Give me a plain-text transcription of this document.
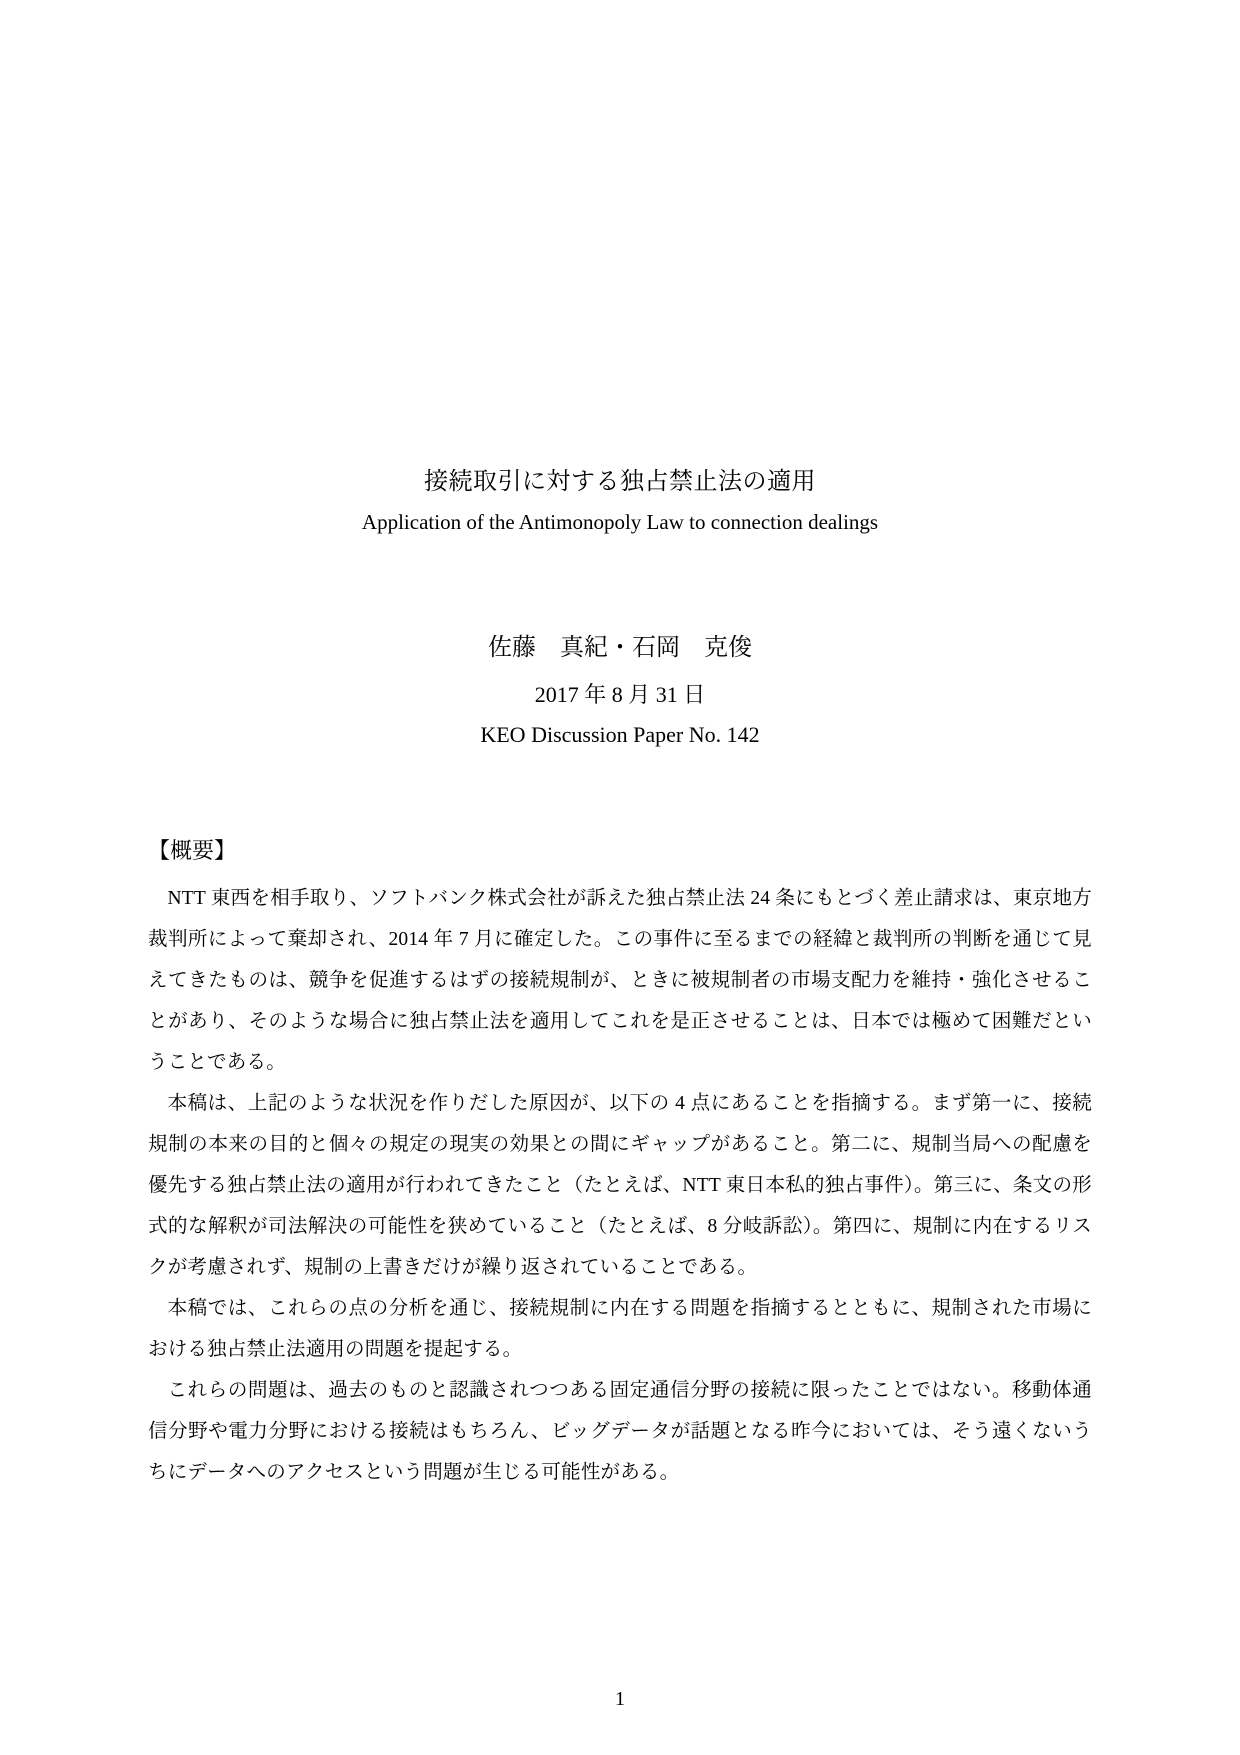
接続取引に対する独占禁止法の適用
Application of the Antimonopoly Law to connection dealings
佐藤　真紀・石岡　克俊
2017 年 8 月 31 日
KEO Discussion Paper No. 142
【概要】

NTT 東西を相手取り、ソフトバンク株式会社が訴えた独占禁止法 24 条にもとづく差止請求は、東京地方裁判所によって棄却され、2014 年 7 月に確定した。この事件に至るまでの経緯と裁判所の判断を通じて見えてきたものは、競争を促進するはずの接続規制が、ときに被規制者の市場支配力を維持・強化させることがあり、そのような場合に独占禁止法を適用してこれを是正させることは、日本では極めて困難だということである。

本稿は、上記のような状況を作りだした原因が、以下の 4 点にあることを指摘する。まず第一に、接続規制の本来の目的と個々の規定の現実の効果との間にギャップがあること。第二に、規制当局への配慮を優先する独占禁止法の適用が行われてきたこと（たとえば、NTT 東日本私的独占事件）。第三に、条文の形式的な解釈が司法解決の可能性を狭めていること（たとえば、8 分岐訴訟）。第四に、規制に内在するリスクが考慮されず、規制の上書きだけが繰り返されていることである。

本稿では、これらの点の分析を通じ、接続規制に内在する問題を指摘するとともに、規制された市場における独占禁止法適用の問題を提起する。

これらの問題は、過去のものと認識されつつある固定通信分野の接続に限ったことではない。移動体通信分野や電力分野における接続はもちろん、ビッグデータが話題となる昨今においては、そう遠くないうちにデータへのアクセスという問題が生じる可能性がある。

1
